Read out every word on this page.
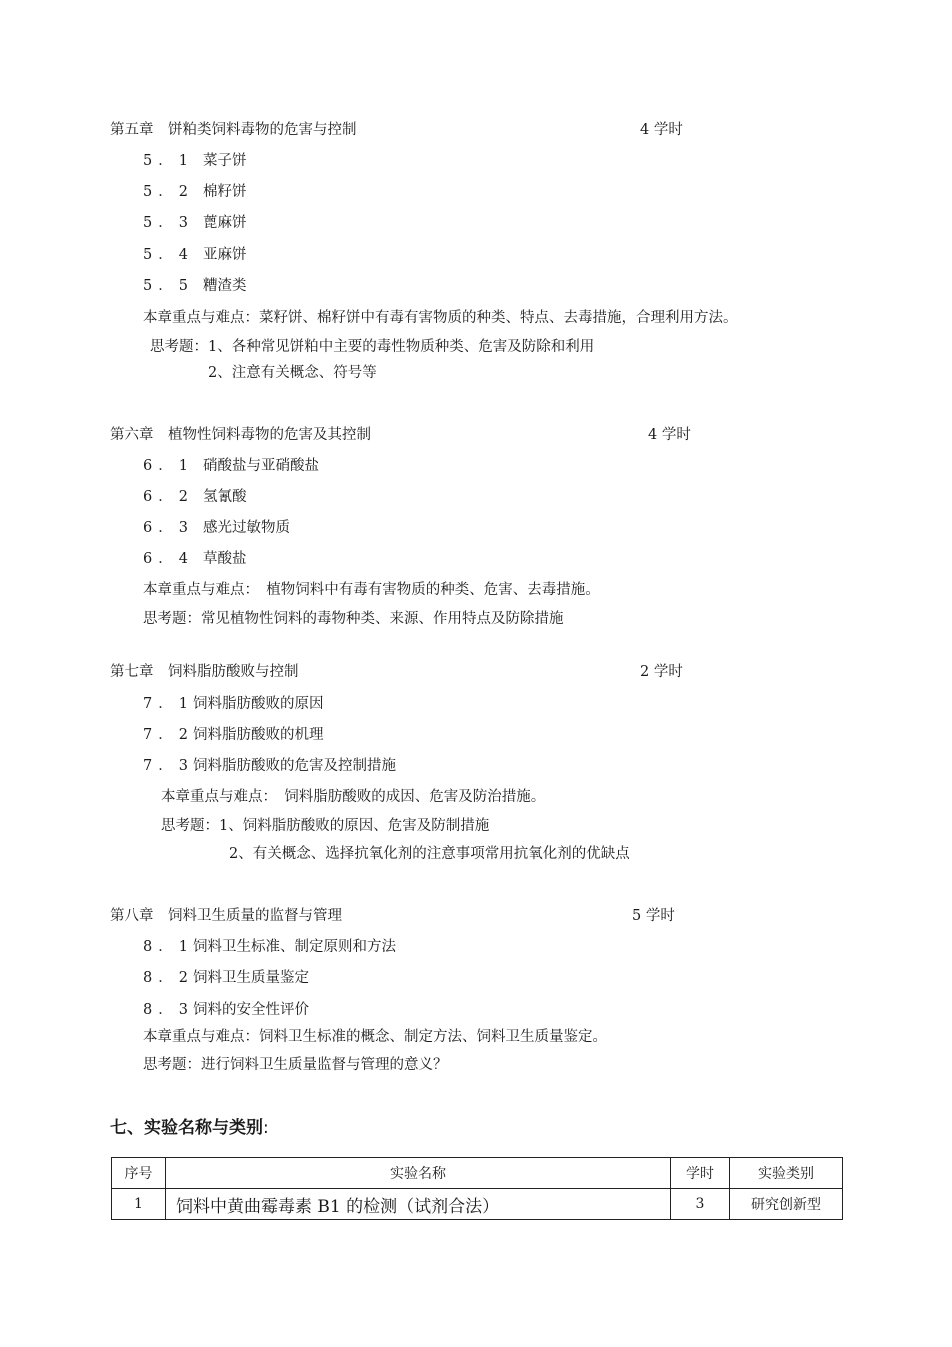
第五章　饼粕类饲料毒物的危害与控制	4 学时
5．1 菜子饼
5．2 棉籽饼
5．3 蓖麻饼
5．4 亚麻饼
5．5 糟渣类
本章重点与难点：菜籽饼、棉籽饼中有毒有害物质的种类、特点、去毒措施，合理利用方法。
思考题：1、各种常见饼粕中主要的毒性物质种类、危害及防除和利用
2、注意有关概念、符号等
第六章　植物性饲料毒物的危害及其控制	4 学时
6．1 硝酸盐与亚硝酸盐
6．2 氢氰酸
6．3 感光过敏物质
6．4 草酸盐
本章重点与难点：　植物饲料中有毒有害物质的种类、危害、去毒措施。
思考题：常见植物性饲料的毒物种类、来源、作用特点及防除措施
第七章　饲料脂肪酸败与控制	2 学时
7．1饲料脂肪酸败的原因
7．2饲料脂肪酸败的机理
7．3饲料脂肪酸败的危害及控制措施
本章重点与难点：　饲料脂肪酸败的成因、危害及防治措施。
思考题：1、饲料脂肪酸败的原因、危害及防制措施
2、有关概念、选择抗氧化剂的注意事项常用抗氧化剂的优缺点
第八章　饲料卫生质量的监督与管理	5 学时
8．1饲料卫生标准、制定原则和方法
8．2饲料卫生质量鉴定
8．3饲料的安全性评价
本章重点与难点：饲料卫生标准的概念、制定方法、饲料卫生质量鉴定。
思考题：进行饲料卫生质量监督与管理的意义？
七、实验名称与类别:
序号	实验名称	学时	实验类别
1	饲料中黄曲霉毒素 B1 的检测（试剂合法）	3	研究创新型
